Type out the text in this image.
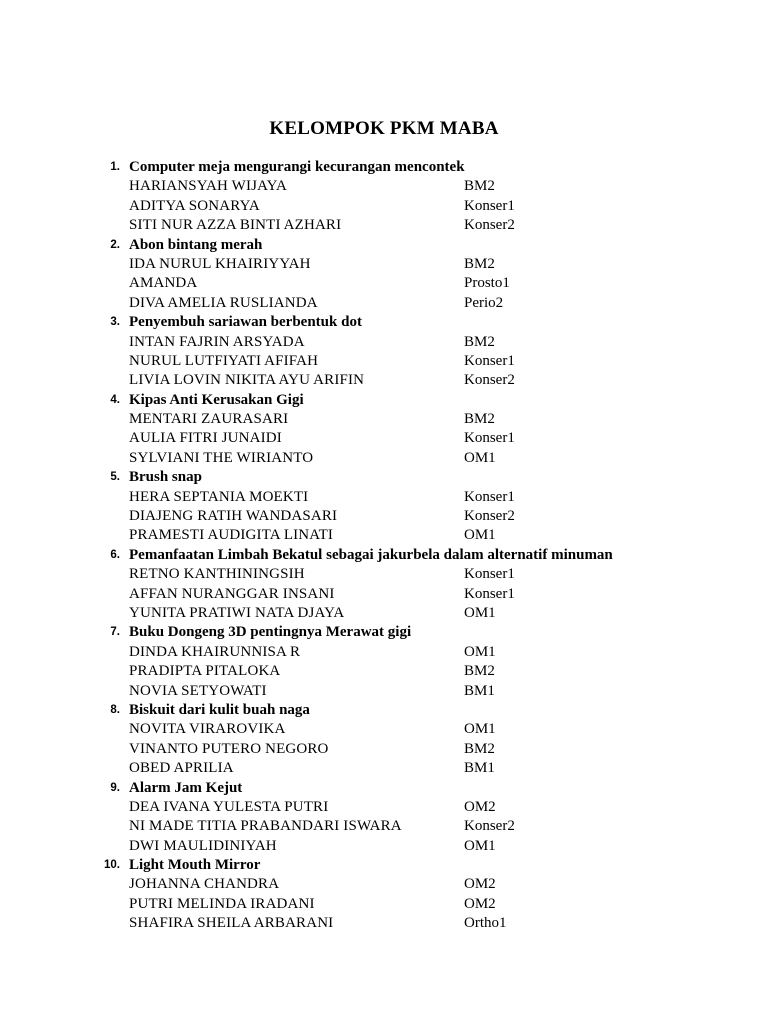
KELOMPOK PKM MABA
1. Computer meja mengurangi kecurangan mencontek
HARIANSYAH WIJAYA	BM2
ADITYA SONARYA	Konser1
SITI NUR AZZA BINTI AZHARI	Konser2
2. Abon bintang merah
IDA NURUL KHAIRIYYAH	BM2
AMANDA	Prosto1
DIVA AMELIA RUSLIANDA	Perio2
3. Penyembuh sariawan berbentuk dot
INTAN FAJRIN ARSYADA	BM2
NURUL LUTFIYATI AFIFAH	Konser1
LIVIA LOVIN NIKITA AYU ARIFIN	Konser2
4. Kipas Anti Kerusakan Gigi
MENTARI ZAURASARI	BM2
AULIA FITRI JUNAIDI	Konser1
SYLVIANI THE WIRIANTO	OM1
5. Brush snap
HERA SEPTANIA MOEKTI	Konser1
DIAJENG RATIH WANDASARI	Konser2
PRAMESTI AUDIGITA LINATI	OM1
6. Pemanfaatan Limbah Bekatul sebagai jakurbela dalam alternatif minuman
RETNO KANTHININGSIH	Konser1
AFFAN NURANGGAR INSANI	Konser1
YUNITA PRATIWI NATA DJAYA	OM1
7. Buku Dongeng 3D pentingnya Merawat gigi
DINDA KHAIRUNNISA R	OM1
PRADIPTA PITALOKA	BM2
NOVIA SETYOWATI	BM1
8. Biskuit dari kulit buah naga
NOVITA VIRAROVIKA	OM1
VINANTO PUTERO NEGORO	BM2
OBED APRILIA	BM1
9. Alarm Jam Kejut
DEA IVANA YULESTA PUTRI	OM2
NI MADE TITIA PRABANDARI ISWARA	Konser2
DWI MAULIDINIYAH	OM1
10. Light Mouth Mirror
JOHANNA CHANDRA	OM2
PUTRI MELINDA IRADANI	OM2
SHAFIRA SHEILA ARBARANI	Ortho1
